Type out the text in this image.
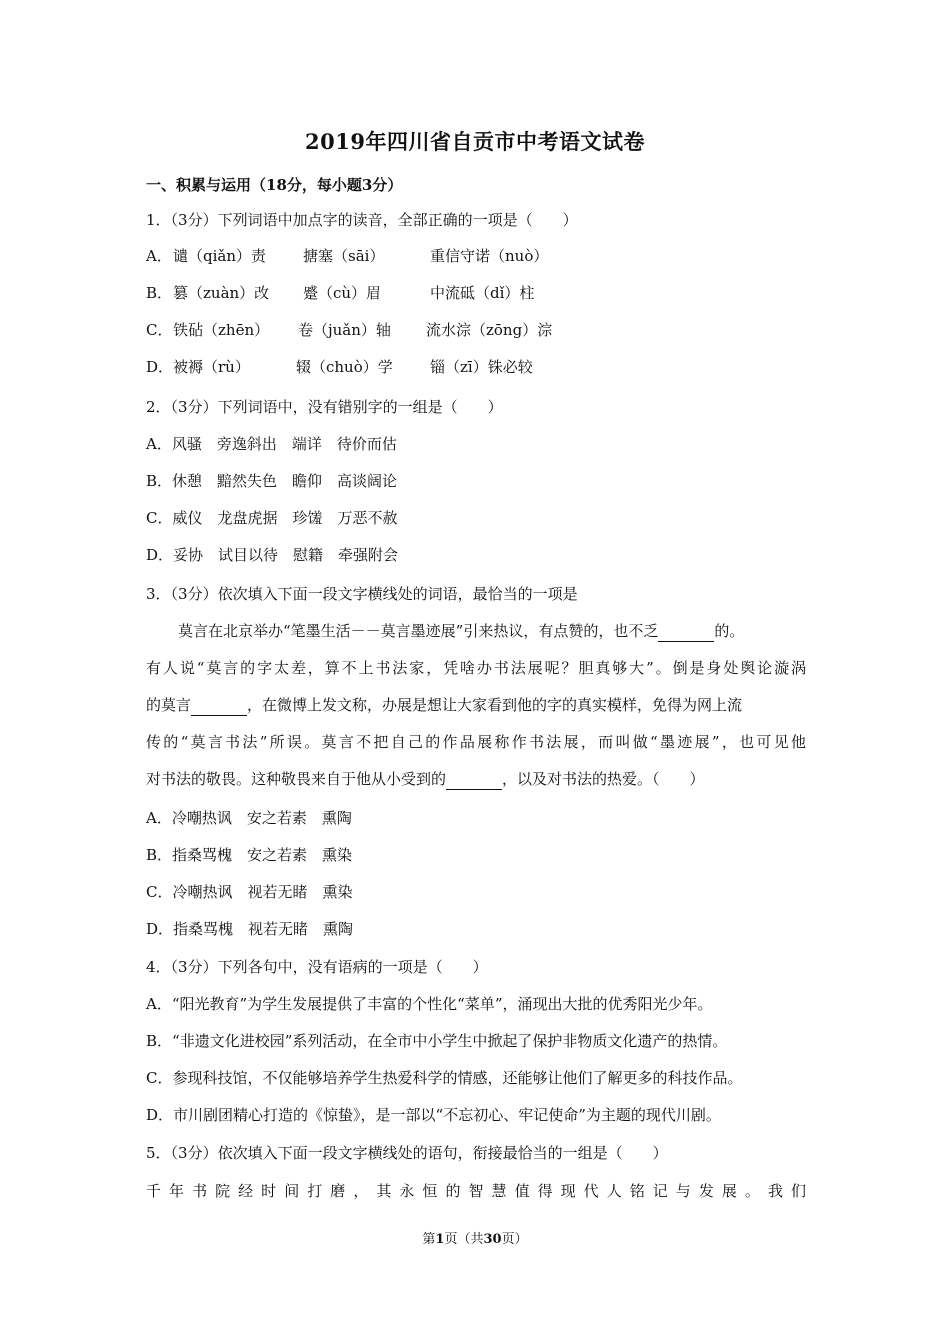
2019年四川省自贡市中考语文试卷
一、积累与运用（18分，每小题3分）
1．（3分）下列词语中加点字的读音，全部正确的一项是（　　）
A． 谴（qiǎn）责 搪塞（sāi）	重信守诺（nuò）
B． 篡（zuàn）改 蹙（cù）眉	中流砥（dǐ）柱
C． 铁砧（zhēn） 卷（juǎn）轴 流水淙（zōng）淙
D． 被褥（rù）	辍（chuò）学 锱（zī）铢必较
2．（3分）下列词语中，没有错别字的一组是（　　）
A．风骚　旁逸斜出　端详　待价而估
B．休憩　黯然失色　瞻仰　高谈阔论
C．威仪　龙盘虎据　珍馐　万恶不赦
D．妥协　试目以待　慰籍　牵强附会
3．（3分）依次填入下面一段文字横线处的词语，最恰当的一项是
莫言在北京举办“笔墨生活－－莫言墨迹展”引来热议，有点赞的，也不乏	的。
有人说“莫言的字太差，算不上书法家，凭啥办书法展呢？胆真够大”。倒是身处舆论漩涡
的莫言	，在微博上发文称，办展是想让大家看到他的字的真实模样，免得为网上流
传的“莫言书法”所误。莫言不把自己的作品展称作书法展，而叫做“墨迹展”，也可见他
对书法的敬畏。这种敬畏来自于他从小受到的	，以及对书法的热爱。（　　）
A．冷嘲热讽　安之若素　熏陶
B．指桑骂槐　安之若素　熏染
C．冷嘲热讽　视若无睹　熏染
D．指桑骂槐　视若无睹　熏陶
4．（3分）下列各句中，没有语病的一项是（　　）
A．“阳光教育”为学生发展提供了丰富的个性化“菜单”，涌现出大批的优秀阳光少年。
B．“非遗文化进校园”系列活动，在全市中小学生中掀起了保护非物质文化遗产的热情。
C．参现科技馆，不仅能够培养学生热爱科学的情感，还能够让他们了解更多的科技作品。
D．市川剧团精心打造的《惊蛰》，是一部以“不忘初心、牢记使命”为主题的现代川剧。
5．（3分）依次填入下面一段文字横线处的语句，衔接最恰当的一组是（　　）
千年书院经时间打磨，其永恒的智慧值得现代人铭记与发展。我们
第1页（共30页）
